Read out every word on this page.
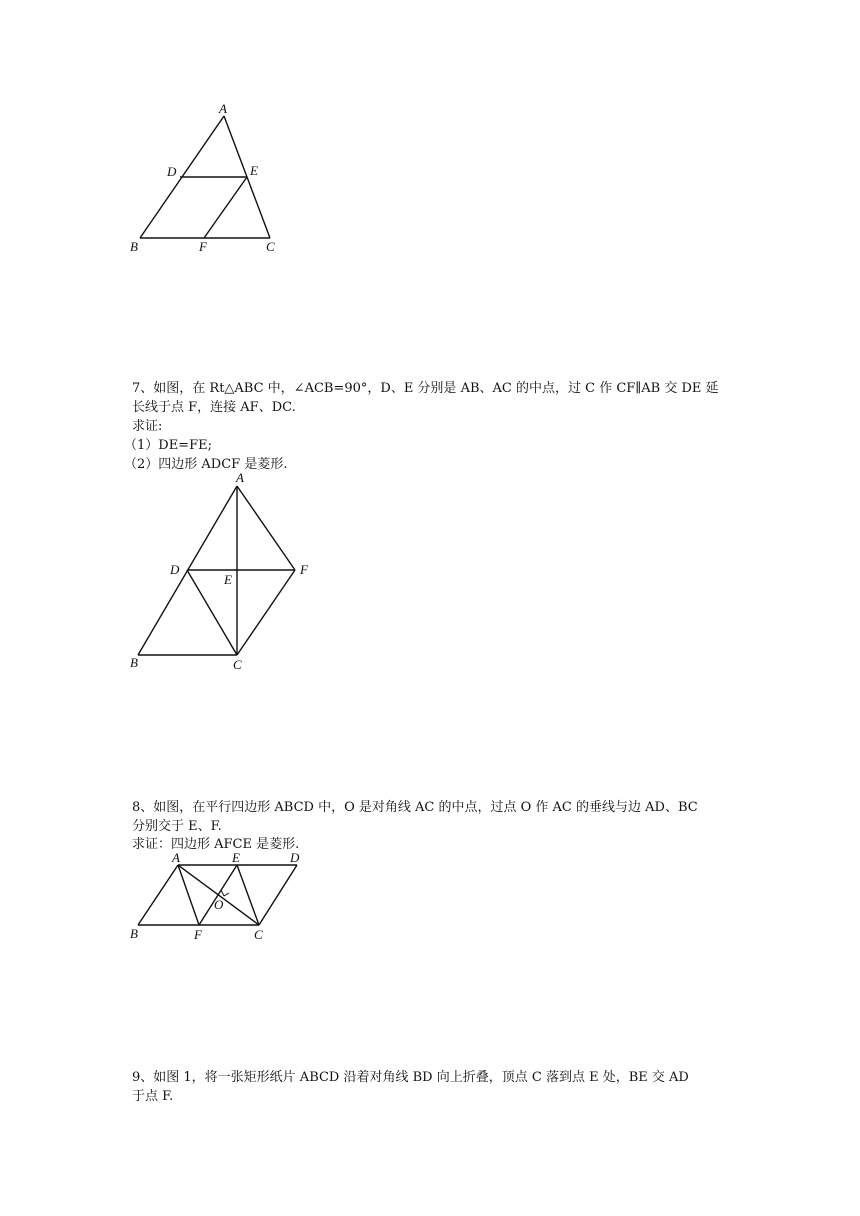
A
D	E
B	F	C
A
D
E
F
B	C
A	E	D
O
B	F	C

7、如图，在 Rt△ABC 中，∠ACB=90°，D、E 分别是 AB、AC 的中点，过 C 作 CF∥AB 交 DE 延

长线于点 F，连接 AF、DC.

求证:

（1）DE=FE;

（2）四边形 ADCF 是菱形.

8、如图，在平行四边形 ABCD 中，O 是对角线 AC 的中点，过点 O 作 AC 的垂线与边 AD、BC

分别交于 E、F.

求证：四边形 AFCE 是菱形.

9、如图 1，将一张矩形纸片 ABCD 沿着对角线 BD 向上折叠，顶点 C 落到点 E 处，BE 交 AD

于点 F.
